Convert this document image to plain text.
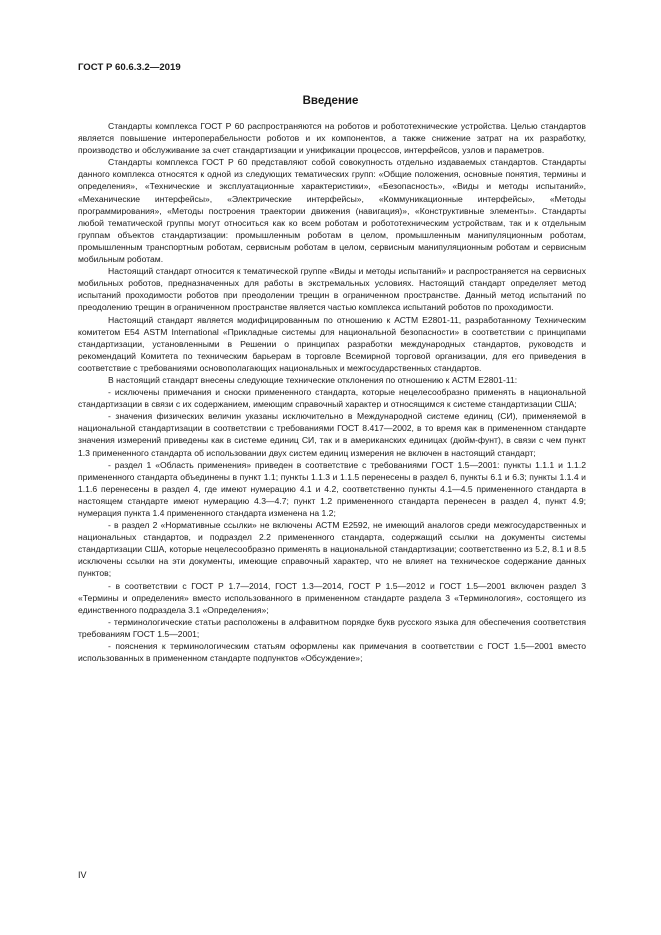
ГОСТ Р 60.6.3.2—2019
Введение

Стандарты комплекса ГОСТ Р 60 распространяются на роботов и робототехнические устройства. Целью стандартов является повышение интероперабельности роботов и их компонентов, а также снижение затрат на их разработку, производство и обслуживание за счет стандартизации и унификации процессов, интерфейсов, узлов и параметров.

Стандарты комплекса ГОСТ Р 60 представляют собой совокупность отдельно издаваемых стандартов. Стандарты данного комплекса относятся к одной из следующих тематических групп: «Общие положения, основные понятия, термины и определения», «Технические и эксплуатационные характеристики», «Безопасность», «Виды и методы испытаний», «Механические интерфейсы», «Электрические интерфейсы», «Коммуникационные интерфейсы», «Методы программирования», «Методы построения траектории движения (навигация)», «Конструктивные элементы». Стандарты любой тематической группы могут относиться как ко всем роботам и робототехническим устройствам, так и к отдельным группам объектов стандартизации: промышленным роботам в целом, промышленным манипуляционным роботам, промышленным транспортным роботам, сервисным роботам в целом, сервисным манипуляционным роботам и сервисным мобильным роботам.

Настоящий стандарт относится к тематической группе «Виды и методы испытаний» и распространяется на сервисных мобильных роботов, предназначенных для работы в экстремальных условиях. Настоящий стандарт определяет метод испытаний проходимости роботов при преодолении трещин в ограниченном пространстве. Данный метод испытаний по преодолению трещин в ограниченном пространстве является частью комплекса испытаний роботов по проходимости.

Настоящий стандарт является модифицированным по отношению к АСТМ Е2801-11, разработанному Техническим комитетом Е54 ASTM International «Прикладные системы для национальной безопасности» в соответствии с принципами стандартизации, установленными в Решении о принципах разработки международных стандартов, руководств и рекомендаций Комитета по техническим барьерам в торговле Всемирной торговой организации, для его приведения в соответствие с требованиями основополагающих национальных и межгосударственных стандартов.

В настоящий стандарт внесены следующие технические отклонения по отношению к АСТМ Е2801-11:

- исключены примечания и сноски примененного стандарта, которые нецелесообразно применять в национальной стандартизации в связи с их содержанием, имеющим справочный характер и относящимся к системе стандартизации США;

- значения физических величин указаны исключительно в Международной системе единиц (СИ), применяемой в национальной стандартизации в соответствии с требованиями ГОСТ 8.417—2002, в то время как в примененном стандарте значения измерений приведены как в системе единиц СИ, так и в американских единицах (дюйм-фунт), в связи с чем пункт 1.3 примененного стандарта об использовании двух систем единиц измерения не включен в настоящий стандарт;

- раздел 1 «Область применения» приведен в соответствие с требованиями ГОСТ 1.5—2001: пункты 1.1.1 и 1.1.2 примененного стандарта объединены в пункт 1.1; пункты 1.1.3 и 1.1.5 перенесены в раздел 6, пункты 6.1 и 6.3; пункты 1.1.4 и 1.1.6 перенесены в раздел 4, где имеют нумерацию 4.1 и 4.2, соответственно пункты 4.1—4.5 примененного стандарта в настоящем стандарте имеют нумерацию 4.3—4.7; пункт 1.2 примененного стандарта перенесен в раздел 4, пункт 4.9; нумерация пункта 1.4 примененного стандарта изменена на 1.2;

- в раздел 2 «Нормативные ссылки» не включены АСТМ Е2592, не имеющий аналогов среди межгосударственных и национальных стандартов, и подраздел 2.2 примененного стандарта, содержащий ссылки на документы системы стандартизации США, которые нецелесообразно применять в национальной стандартизации; соответственно из 5.2, 8.1 и 8.5 исключены ссылки на эти документы, имеющие справочный характер, что не влияет на техническое содержание данных пунктов;

- в соответствии с ГОСТ Р 1.7—2014, ГОСТ 1.3—2014, ГОСТ Р 1.5—2012 и ГОСТ 1.5—2001 включен раздел 3 «Термины и определения» вместо использованного в примененном стандарте раздела 3 «Терминология», состоящего из единственного подраздела 3.1 «Определения»;

- терминологические статьи расположены в алфавитном порядке букв русского языка для обеспечения соответствия требованиям ГОСТ 1.5—2001;

- пояснения к терминологическим статьям оформлены как примечания в соответствии с ГОСТ 1.5—2001 вместо использованных в примененном стандарте подпунктов «Обсуждение»;

IV
